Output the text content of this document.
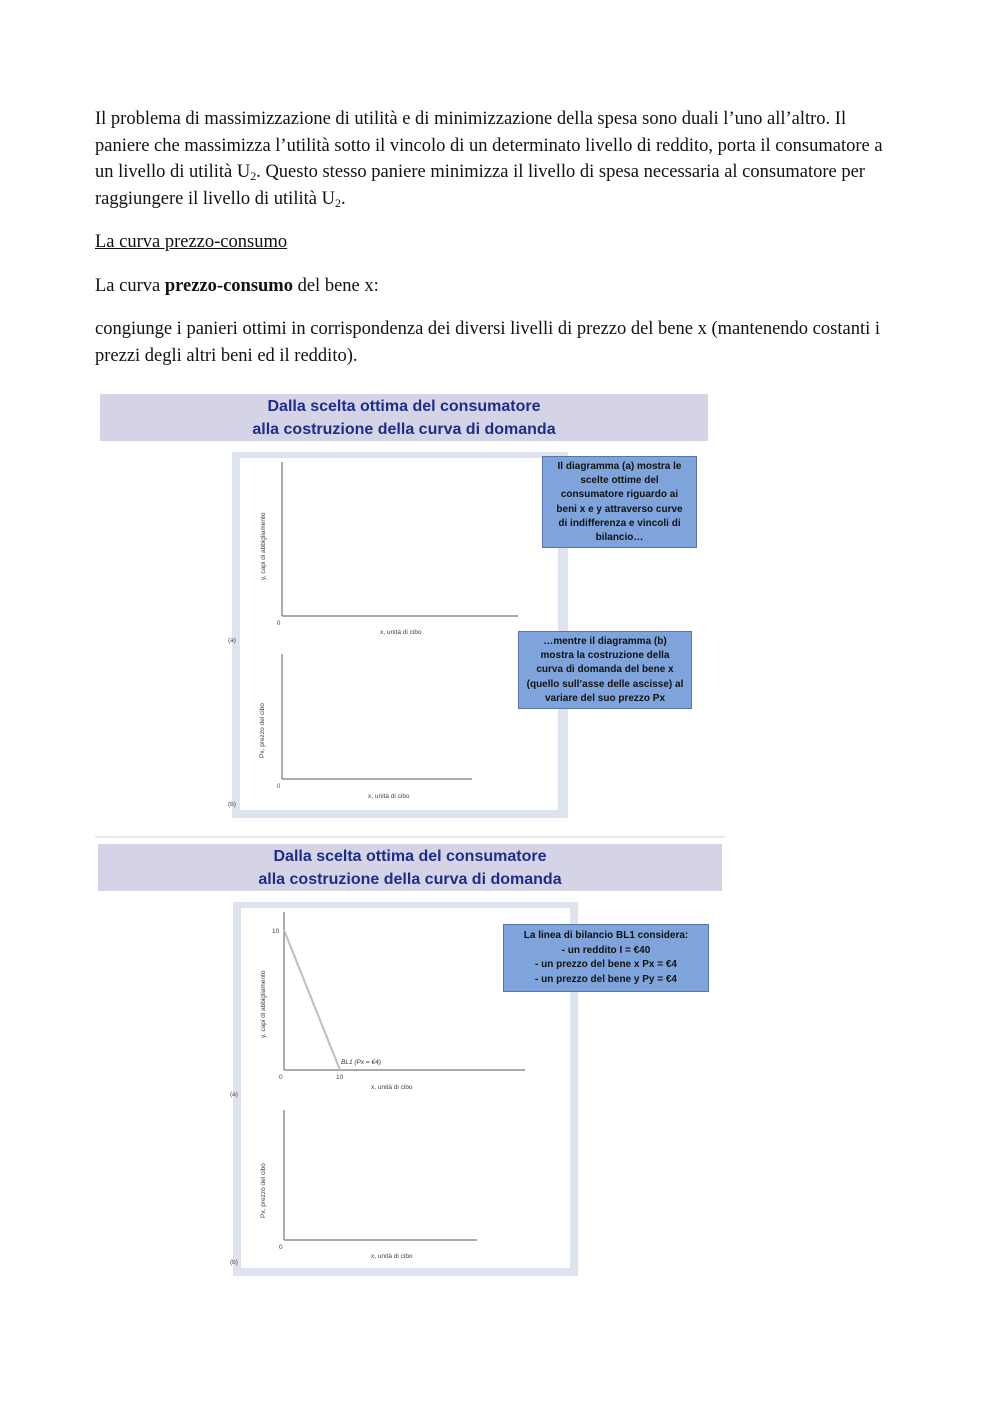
Il problema di massimizzazione di utilità e di minimizzazione della spesa sono duali l’uno all’altro. Il paniere che massimizza l’utilità sotto il vincolo di un determinato livello di reddito, porta il consumatore a un livello di utilità $U_2$. Questo stesso paniere minimizza il livello di spesa necessaria al consumatore per raggiungere il livello di utilità $U_2$.

La curva prezzo-consumo
La curva prezzo-consumo del bene x:
congiunge i panieri ottimi in corrispondenza dei diversi livelli di prezzo del bene x (mantenendo costanti i prezzi degli altri beni ed il reddito).
Dalla scelta ottima del consumatore
alla costruzione della curva di domanda
0
x, unità di cibo
y, capi di abbigliamento
(a)
0
x, unità di cibo
Px, prezzo del cibo
(b)
Il diagramma (a) mostra le
scelte ottime del
consumatore riguardo ai
beni x e y attraverso curve
di indifferenza e vincoli di
bilancio…
…mentre il diagramma (b)
mostra la costruzione della
curva di domanda del bene x
(quello sull’asse delle ascisse) al
variare del suo prezzo Px
Dalla scelta ottima del consumatore
alla costruzione della curva di domanda
10
0	10
BL1 (Px = €4)
x, unità di cibo
y, capi di abbigliamento
(a)
0
x, unità di cibo
Px, prezzo del cibo
(b)
La linea di bilancio BL1 considera:
- un reddito I = €40
- un prezzo del bene x Px = €4
- un prezzo del bene y Py = €4
